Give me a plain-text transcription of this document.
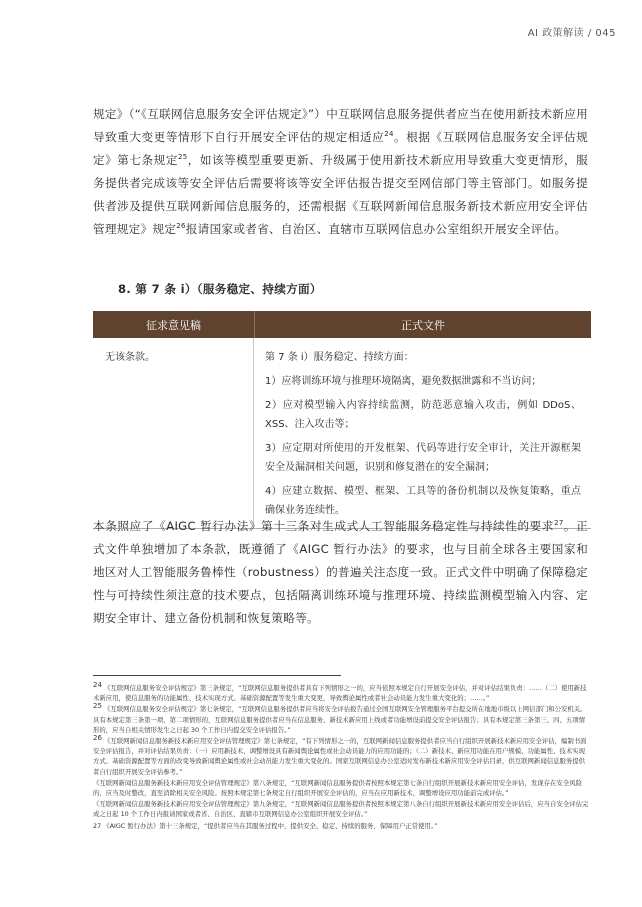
AI 政策解读 / 045

规定》（“《互联网信息服务安全评估规定》”）中互联网信息服务提供者应当在使用新技术新应用导致重大变更等情形下自行开展安全评估的规定相适应$^{24}$。根据《互联网信息服务安全评估规定》第七条规定$^{25}$，如该等模型重要更新、升级属于使用新技术新应用导致重大变更情形，服务提供者完成该等安全评估后需要将该等安全评估报告提交至网信部门等主管部门。如服务提供者涉及提供互联网新闻信息服务的，还需根据《互联网新闻信息服务新技术新应用安全评估管理规定》规定$^{26}$报请国家或者省、自治区、直辖市互联网信息办公室组织开展安全评估。

8. 第 7 条 i）（服务稳定、持续方面）
征求意见稿	正式文件
无该条款。	第 7 条 i）服务稳定、持续方面：

1）应将训练环境与推理环境隔离，避免数据泄露和不当访问；

2）应对模型输入内容持续监测，防范恶意输入攻击，例如 DDoS、XSS、注入攻击等；

3）应定期对所使用的开发框架、代码等进行安全审计，关注开源框架安全及漏洞相关问题，识别和修复潜在的安全漏洞；

4）应建立数据、模型、框架、工具等的备份机制以及恢复策略，重点确保业务连续性。

本条照应了《AIGC 暂行办法》第十三条对生成式人工智能服务稳定性与持续性的要求$^{27}$。正式文件单独增加了本条款，既遵循了《AIGC 暂行办法》的要求，也与目前全球各主要国家和地区对人工智能服务鲁棒性（robustness）的普遍关注态度一致。正式文件中明确了保障稳定性与可持续性须注意的技术要点，包括隔离训练环境与推理环境、持续监测模型输入内容、定期安全审计、建立备份机制和恢复策略等。

$^{24}$ 《互联网信息服务安全评估规定》第三条规定，“互联网信息服务提供者具有下列情形之一的，应当依照本规定自行开展安全评估，并对评估结果负责：……（二）使用新技术新应用，使信息服务的功能属性、技术实现方式、基础资源配置等发生重大变更，导致舆论属性或者社会动员能力发生重大变化的；……。”

$^{25}$ 《互联网信息服务安全评估规定》第七条规定，“互联网信息服务提供者应当将安全评估报告通过全国互联网安全管理服务平台提交所在地地市级以上网信部门和公安机关。具有本规定第三条第一项、第二项情形的，互联网信息服务提供者应当在信息服务、新技术新应用上线或者功能增设前提交安全评估报告；具有本规定第三条第三、四、五项情形的，应当自相关情形发生之日起 30 个工作日内提交安全评估报告。”

$^{26}$ 《互联网新闻信息服务新技术新应用安全评估管理规定》第七条规定，“有下列情形之一的，互联网新闻信息服务提供者应当自行组织开展新技术新应用安全评估，编制书面安全评估报告，并对评估结果负责：（一）应用新技术、调整增设具有新闻舆论属性或社会动员能力的应用功能的；（二）新技术、新应用功能在用户规模、功能属性、技术实现方式、基础资源配置等方面的改变导致新闻舆论属性或社会动员能力发生重大变化的。国家互联网信息办公室适时发布新技术新应用安全评估目录，供互联网新闻信息服务提供者自行组织开展安全评估参考。”

《互联网新闻信息服务新技术新应用安全评估管理规定》第八条规定，“互联网新闻信息服务提供者按照本规定第七条自行组织开展新技术新应用安全评估，发现存在安全风险的，应当及时整改，直至消除相关安全风险。按照本规定第七条规定自行组织开展安全评估的，应当在应用新技术、调整增设应用功能前完成评估。”

《互联网新闻信息服务新技术新应用安全评估管理规定》第九条规定，“互联网新闻信息服务提供者按照本规定第八条自行组织开展新技术新应用安全评估后，应当自安全评估完成之日起 10 个工作日内报请国家或者省、自治区、直辖市互联网信息办公室组织开展安全评估。”

27 《AIGC 暂行办法》第十三条规定，“提供者应当在其服务过程中，提供安全、稳定、持续的服务，保障用户正常使用。”
